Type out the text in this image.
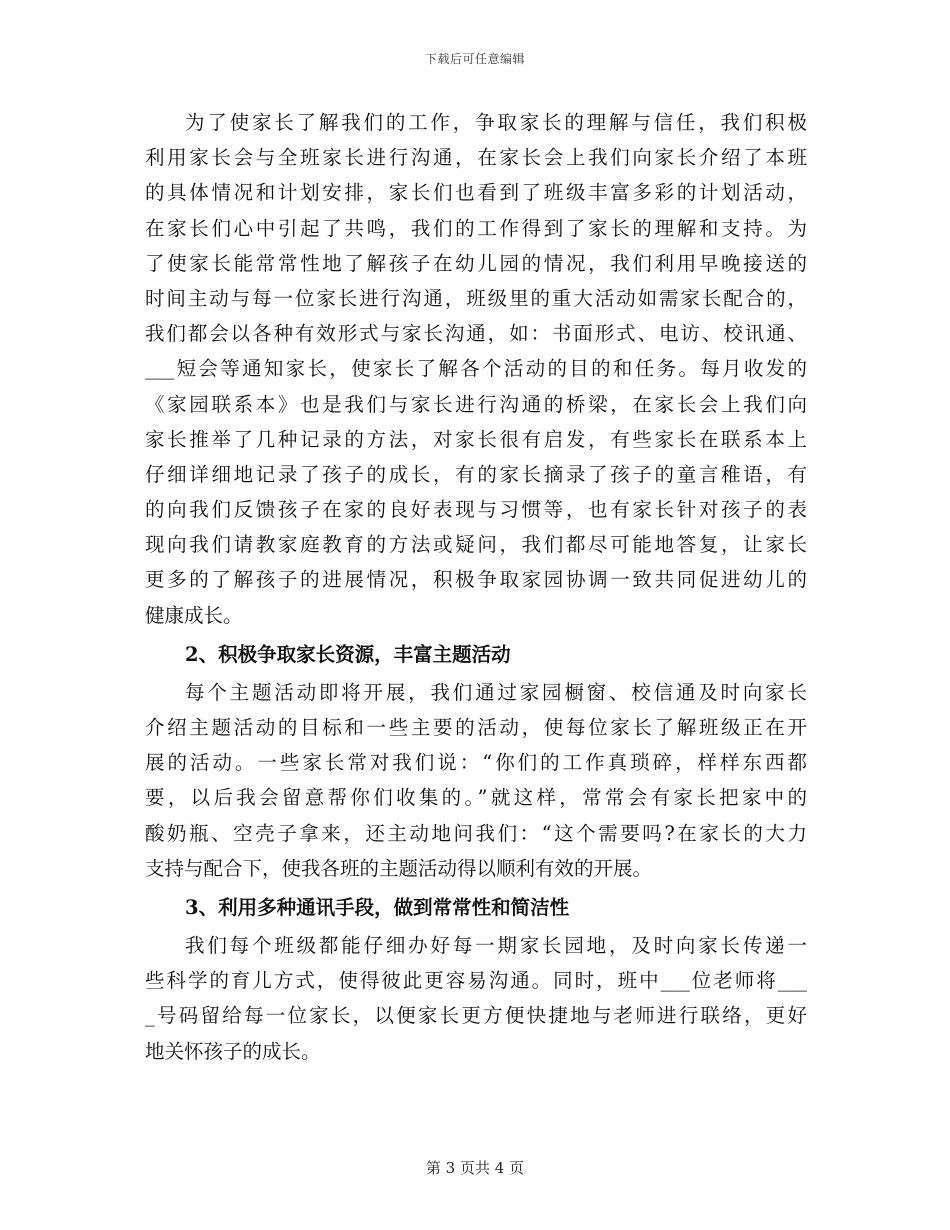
下载后可任意编辑
为了使家长了解我们的工作，争取家长的理解与信任，我们积极
利用家长会与全班家长进行沟通，在家长会上我们向家长介绍了本班
的具体情况和计划安排，家长们也看到了班级丰富多彩的计划活动，
在家长们心中引起了共鸣，我们的工作得到了家长的理解和支持。为
了使家长能常常性地了解孩子在幼儿园的情况，我们利用早晚接送的
时间主动与每一位家长进行沟通，班级里的重大活动如需家长配合的，
我们都会以各种有效形式与家长沟通，如：书面形式、电访、校讯通、
___短会等通知家长，使家长了解各个活动的目的和任务。每月收发的
《家园联系本》也是我们与家长进行沟通的桥梁，在家长会上我们向
家长推举了几种记录的方法，对家长很有启发，有些家长在联系本上
仔细详细地记录了孩子的成长，有的家长摘录了孩子的童言稚语，有
的向我们反馈孩子在家的良好表现与习惯等，也有家长针对孩子的表
现向我们请教家庭教育的方法或疑问，我们都尽可能地答复，让家长
更多的了解孩子的进展情况，积极争取家园协调一致共同促进幼儿的
健康成长。
2、积极争取家长资源，丰富主题活动
每个主题活动即将开展，我们通过家园橱窗、校信通及时向家长
介绍主题活动的目标和一些主要的活动，使每位家长了解班级正在开
展的活动。一些家长常对我们说：“你们的工作真琐碎，样样东西都
要，以后我会留意帮你们收集的。”就这样，常常会有家长把家中的
酸奶瓶、空壳子拿来，还主动地问我们：“这个需要吗?在家长的大力
支持与配合下，使我各班的主题活动得以顺利有效的开展。
3、利用多种通讯手段，做到常常性和简洁性
我们每个班级都能仔细办好每一期家长园地，及时向家长传递一
些科学的育儿方式，使得彼此更容易沟通。同时，班中___位老师将___
_号码留给每一位家长，以便家长更方便快捷地与老师进行联络，更好
地关怀孩子的成长。
第 3 页共 4 页
